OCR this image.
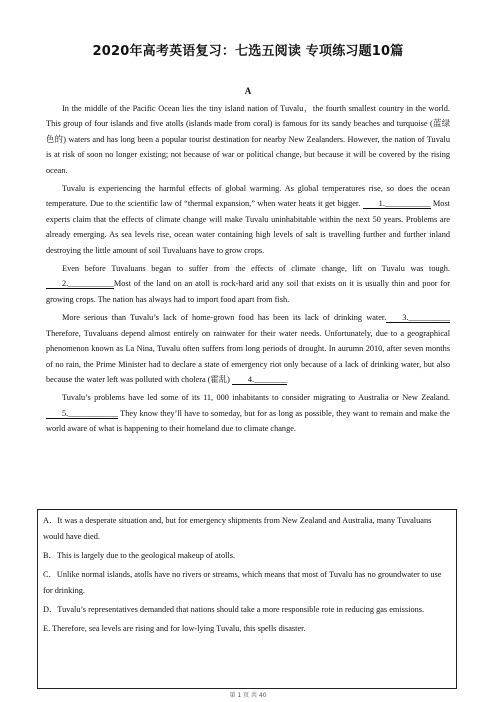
2020年高考英语复习：七选五阅读 专项练习题10篇
A

In the middle of the Pacific Ocean lies the tiny island nation of Tuvalu，the fourth smallest country in the world. This group of four islands and five atolls (islands made from coral) is famous for its sandy beaches and turquoise (蓝绿色的) waters and has long been a popular tourist destination for nearby New Zealanders. However, the nation of Tuvalu is at risk of soon no longer existing; not because of war or political change, but because it will be covered by the rising ocean.

Tuvalu is experiencing the harmful effects of global warming. As global temperatures rise, so does the ocean temperature. Due to the scientific law of “thermal expansion,” when water heats it get bigger. 1.___________ Most experts claim that the effects of climate change will make Tuvalu uninhabitable within the next 50 years. Problems are already emerging. As sea levels rise, ocean water containing high levels of salt is travelling further and further inland destroying the little amount of soil Tuvaluans have to grow crops.

Even before Tuvaluans began to suffer from the effects of climate change, lift on Tuvalu was tough. 2.___________Most of the land on an atoll is rock-hard arid any soil that exists on it is usually thin and poor for growing crops. The nation has always had to import food apart from fish.

More serious than Tuvalu’s lack of home-grown food has been its lack of drinking water. 3.__________ Therefore, Tuvaluans depend almost entirely on rainwater for their water needs. Unfortunately, due to a geographical phenomenon known as La Nina, Tuvalu often suffers from long periods of drought. In aurumn 2010, after seven months of no rain, the Prime Minister had to declare a state of emergency riot only because of a lack of drinking water, but also because the water left was polluted with cholera (霍乱) 4.________

Tuvalu’s problems have led some of its 11, 000 inhabitants to consider migrating to Australia or New Zealand.5.____________ They know they’ll have to someday, but for as long as possible, they want to remain and make the world aware of what is happening to their homeland due to climate change.

A．It was a desperate situation and, but for emergency shipments from New Zealand and Australia, many Tuvaluans would have died.
B．This is largely due to the geological makeup of atolls.
C．Unlike normal islands, atolls have no rivers or streams, which means that most of Tuvalu has no groundwater to use for drinking.
D．Tuvalu’s representatives demanded that nations should take a more responsible rote in reducing gas emissions.
E. Therefore, sea levels are rising and for low-lying Tuvalu, this spells disaster.
第 1 页 共 40
